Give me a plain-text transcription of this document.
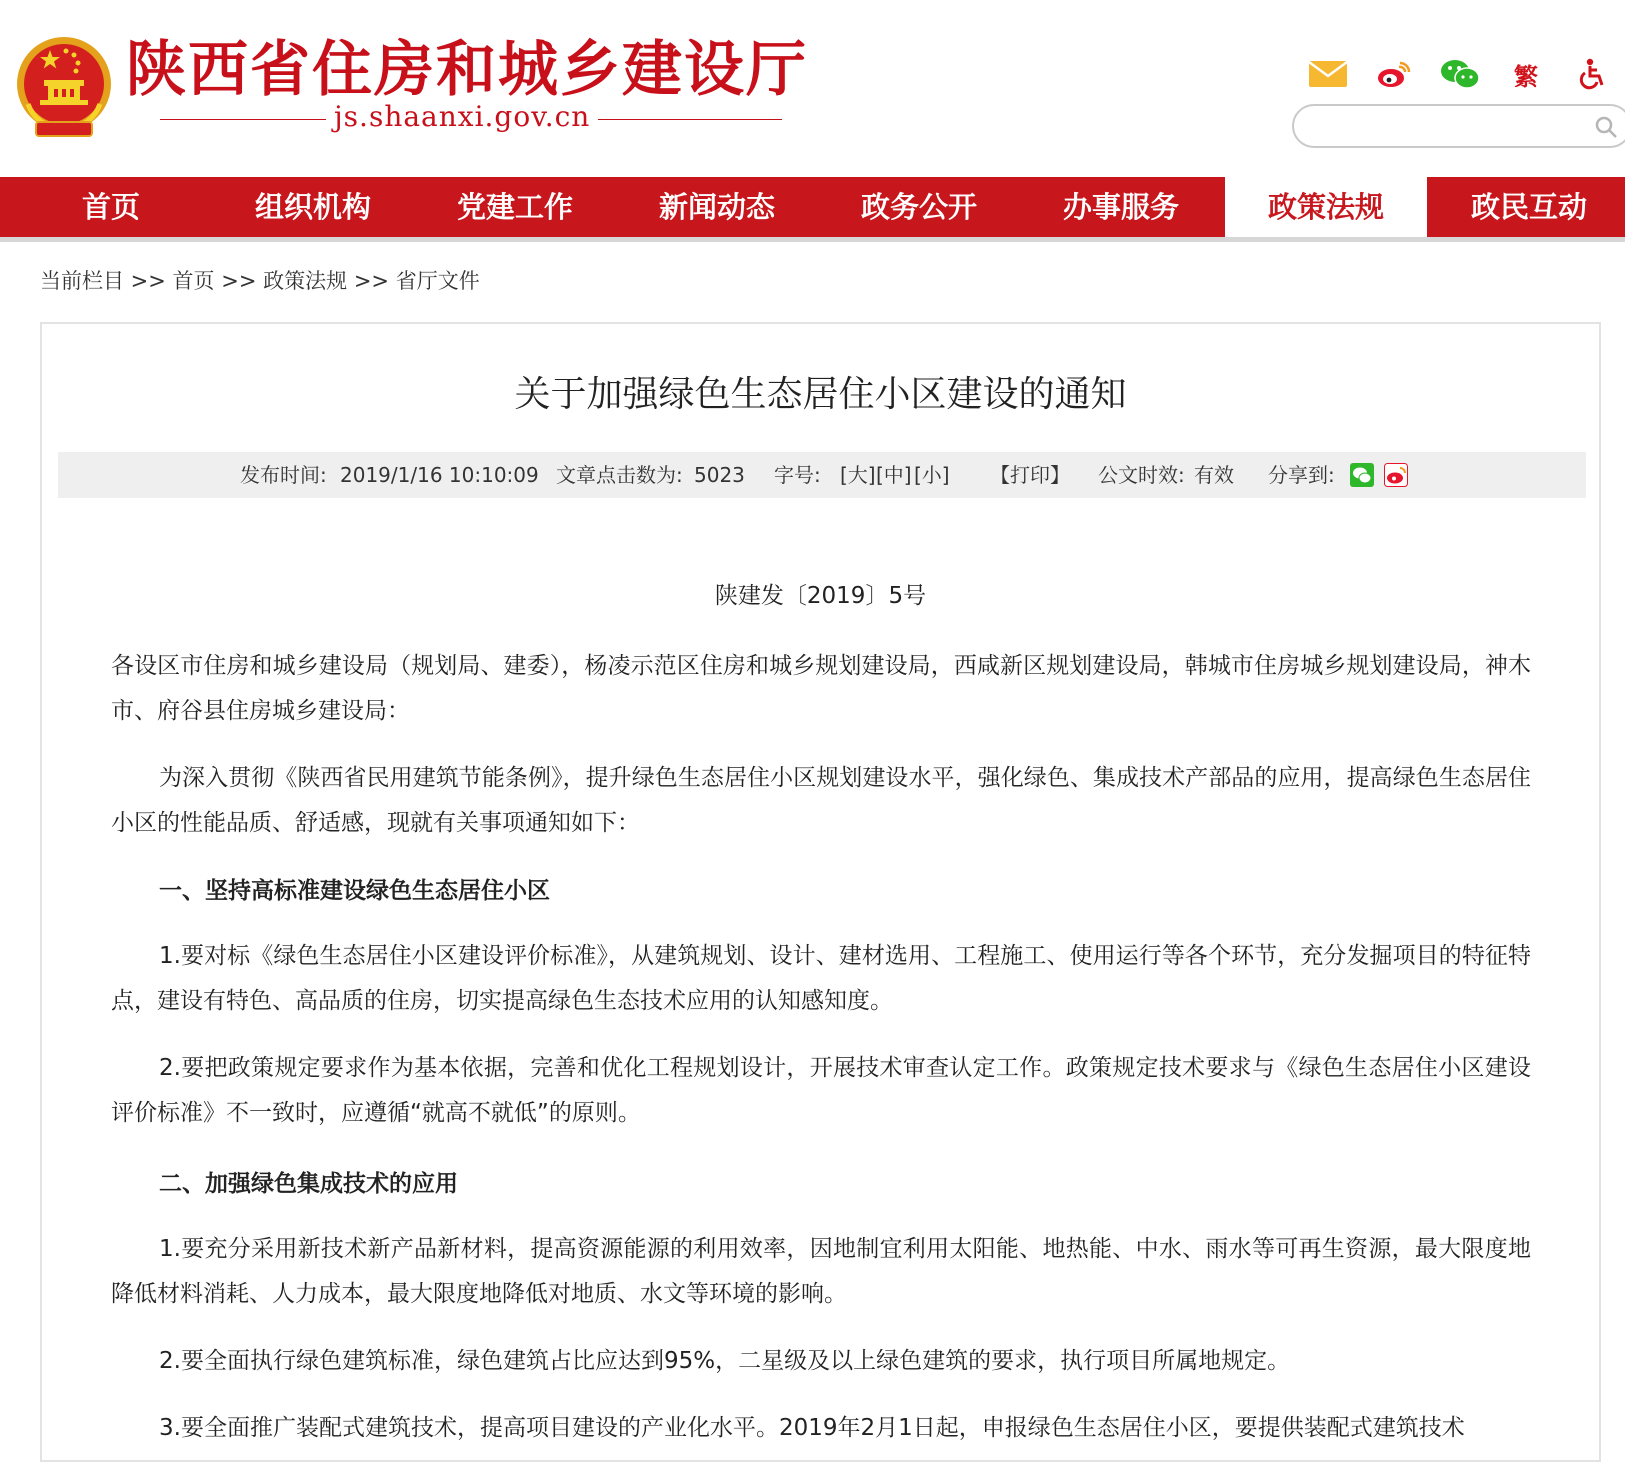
陕西省住房和城乡建设厅
js.shaanxi.gov.cn
繁
首页	组织机构	党建工作	新闻动态	政务公开	办事服务	政策法规	政民互动
当前栏目 >> 首页 >> 政策法规 >> 省厅文件
关于加强绿色生态居住小区建设的通知
发布时间: 2019/1/16 10:10:09 文章点击数为: 5023 字号: [大] [中] [小] 【打印】 公文时效: 有效 分享到:
陕建发〔2019〕5号
各设区市住房和城乡建设局（规划局、建委），杨凌示范区住房和城乡规划建设局，西咸新区规划建设局，韩城市住房城乡规划建设局，神木市、府谷县住房城乡建设局：
为深入贯彻《陕西省民用建筑节能条例》，提升绿色生态居住小区规划建设水平，强化绿色、集成技术产部品的应用，提高绿色生态居住小区的性能品质、舒适感，现就有关事项通知如下：
一、坚持高标准建设绿色生态居住小区
1.要对标《绿色生态居住小区建设评价标准》，从建筑规划、设计、建材选用、工程施工、使用运行等各个环节，充分发掘项目的特征特点，建设有特色、高品质的住房，切实提高绿色生态技术应用的认知感知度。
2.要把政策规定要求作为基本依据，完善和优化工程规划设计，开展技术审查认定工作。政策规定技术要求与《绿色生态居住小区建设评价标准》不一致时，应遵循“就高不就低”的原则。
二、加强绿色集成技术的应用
1.要充分采用新技术新产品新材料，提高资源能源的利用效率，因地制宜利用太阳能、地热能、中水、雨水等可再生资源，最大限度地降低材料消耗、人力成本，最大限度地降低对地质、水文等环境的影响。
2.要全面执行绿色建筑标准，绿色建筑占比应达到95%，二星级及以上绿色建筑的要求，执行项目所属地规定。
3.要全面推广装配式建筑技术，提高项目建设的产业化水平。2019年2月1日起，申报绿色生态居住小区，要提供装配式建筑技术
